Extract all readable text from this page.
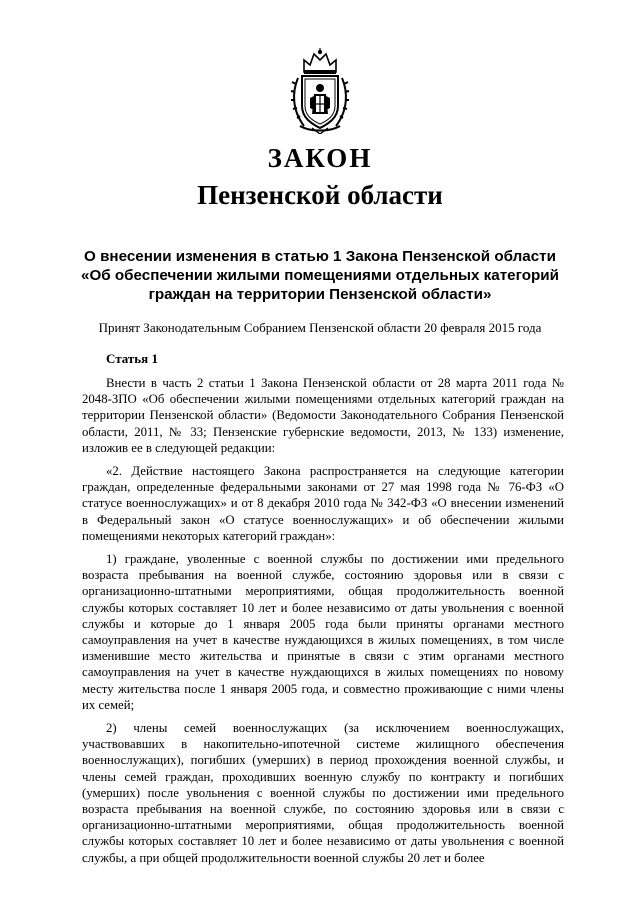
ЗАКОН
Пензенской области
О внесении изменения в статью 1 Закона Пензенской области
«Об обеспечении жилыми помещениями отдельных категорий
граждан на территории Пензенской области»
Принят Законодательным Собранием Пензенской области 20 февраля 2015 года
Статья 1

Внести в часть 2 статьи 1 Закона Пензенской области от 28 марта 2011 года № 2048-ЗПО «Об обеспечении жилыми помещениями отдельных категорий граждан на территории Пензенской области» (Ведомости Законодательного Собрания Пензенской области, 2011, № 33; Пензенские губернские ведомости, 2013, № 133) изменение, изложив ее в следующей редакции:

«2. Действие настоящего Закона распространяется на следующие категории граждан, определенные федеральными законами от 27 мая 1998 года № 76-ФЗ «О статусе военнослужащих» и от 8 декабря 2010 года № 342-ФЗ «О внесении изменений в Федеральный закон «О статусе военнослужащих» и об обеспечении жилыми помещениями некоторых категорий граждан»:

1) граждане, уволенные с военной службы по достижении ими предельного возраста пребывания на военной службе, состоянию здоровья или в связи с организационно-штатными мероприятиями, общая продолжительность военной службы которых составляет 10 лет и более независимо от даты увольнения с военной службы и которые до 1 января 2005 года были приняты органами местного самоуправления на учет в качестве нуждающихся в жилых помещениях, в том числе изменившие место жительства и принятые в связи с этим органами местного самоуправления на учет в качестве нуждающихся в жилых помещениях по новому месту жительства после 1 января 2005 года, и совместно проживающие с ними члены их семей;

2) члены семей военнослужащих (за исключением военнослужащих, участвовавших в накопительно-ипотечной системе жилищного обеспечения военнослужащих), погибших (умерших) в период прохождения военной службы, и члены семей граждан, проходивших военную службу по контракту и погибших (умерших) после увольнения с военной службы по достижении ими предельного возраста пребывания на военной службе, по состоянию здоровья или в связи с организационно-штатными мероприятиями, общая продолжительность военной службы которых составляет 10 лет и более независимо от даты увольнения с военной службы, а при общей продолжительности военной службы 20 лет и более
